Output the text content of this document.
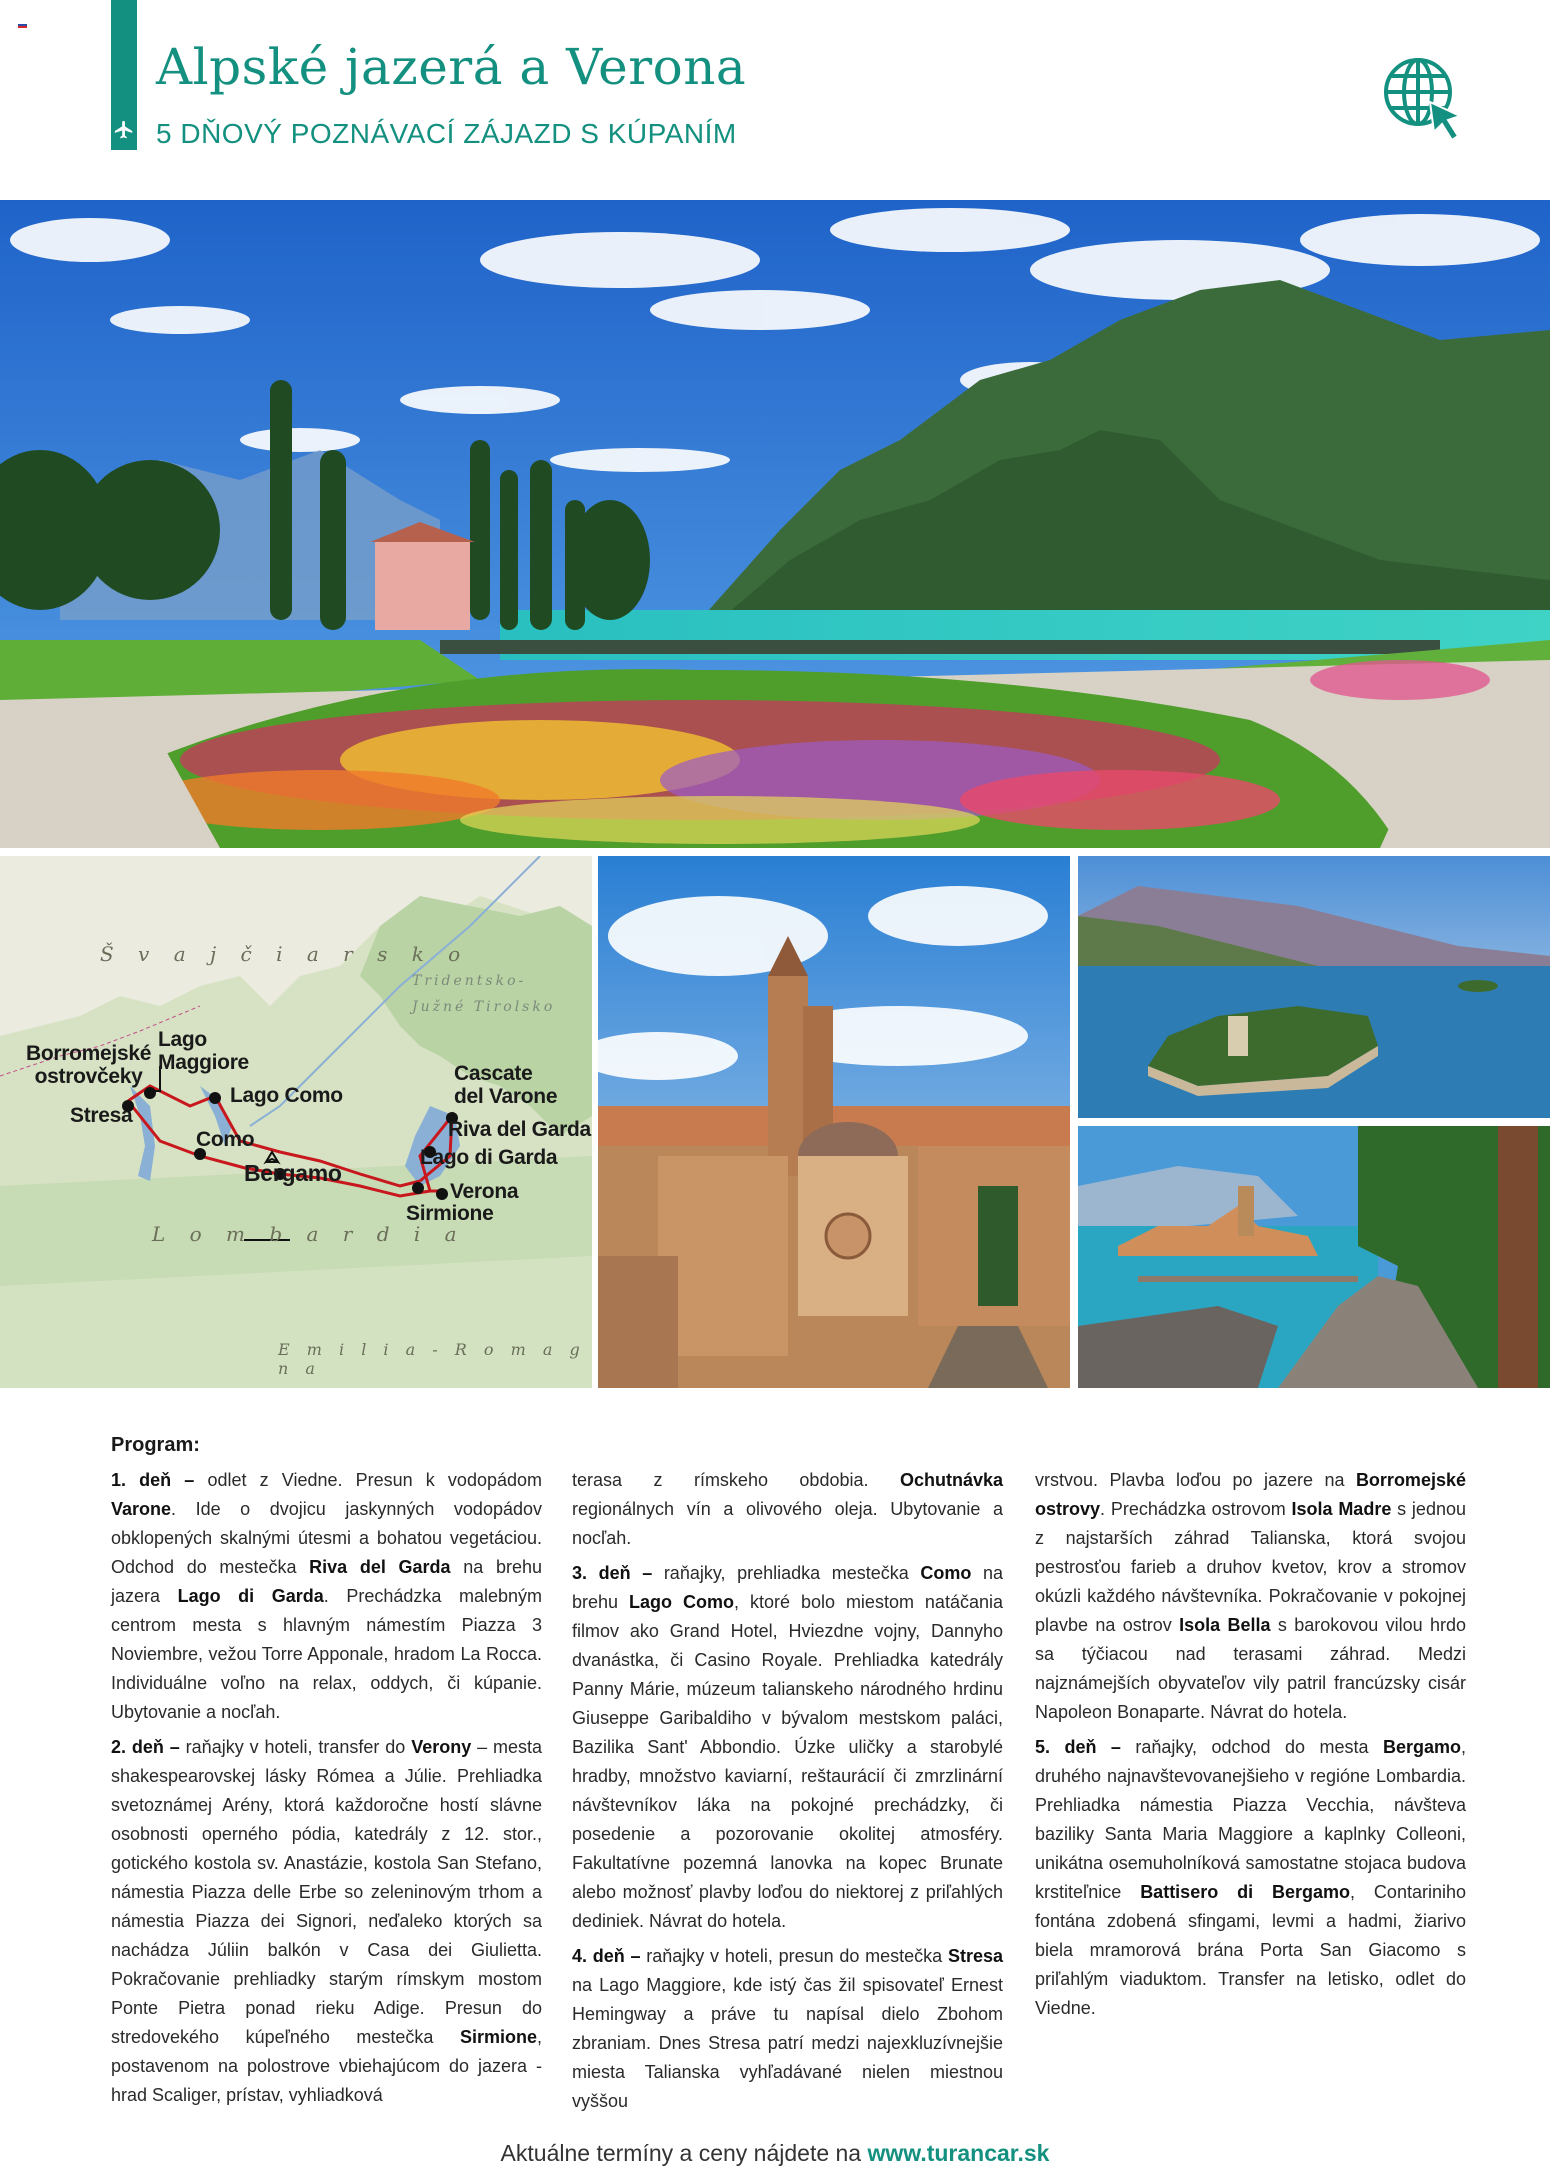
Alpské jazerá a Verona
5 DŇOVÝ POZNÁVACÍ ZÁJAZD S KÚPANÍM
Š v a j č i a r s k o
Tridentsko-
Južné Tirolsko
L o m b a r d i a
E m i l i a - R o m a g n a
Borromejské
ostrovčeky
Lago
Maggiore
Lago Como
Stresa
Como
Bergamo
Cascate
del Varone
Riva del Garda
Lago di Garda
Verona
Sirmione
Program:

1. deň – odlet z Viedne. Presun k vodopádom Varone. Ide o dvojicu jaskynných vodopádov obklopených skalnými útesmi a bohatou vegetáciou. Odchod do mestečka Riva del Garda na brehu jazera Lago di Garda. Prechádzka malebným centrom mesta s hlavným námestím Piazza 3 Noviembre, vežou Torre Apponale, hradom La Rocca. Individuálne voľno na relax, oddych, či kúpanie. Ubytovanie a nocľah.

2. deň – raňajky v hoteli, transfer do Verony – mesta shakespearovskej lásky Rómea a Júlie. Prehliadka svetoznámej Arény, ktorá každoročne hostí slávne osobnosti operného pódia, katedrály z 12. stor., gotického kostola sv. Anastázie, kostola San Stefano, námestia Piazza delle Erbe so zeleninovým trhom a námestia Piazza dei Signori, neďaleko ktorých sa nachádza Júliin balkón v Casa dei Giulietta. Pokračovanie prehliadky starým rímskym mostom Ponte Pietra ponad rieku Adige. Presun do stredovekého kúpeľného mestečka Sirmione, postavenom na polostrove vbiehajúcom do jazera - hrad Scaliger, prístav, vyhliadková

terasa z rímskeho obdobia. Ochutnávka regionálnych vín a olivového oleja. Ubytovanie a nocľah.

3. deň – raňajky, prehliadka mestečka Como na brehu Lago Como, ktoré bolo miestom natáčania filmov ako Grand Hotel, Hviezdne vojny, Dannyho dvanástka, či Casino Royale. Prehliadka katedrály Panny Márie, múzeum talianskeho národného hrdinu Giuseppe Garibaldiho v bývalom mestskom paláci, Bazilika Sant' Abbondio. Úzke uličky a starobylé hradby, množstvo kaviarní, reštaurácií či zmrzlinární návštevníkov láka na pokojné prechádzky, či posedenie a pozorovanie okolitej atmosféry. Fakultatívne pozemná lanovka na kopec Brunate alebo možnosť plavby loďou do niektorej z priľahlých dediniek. Návrat do hotela.

4. deň – raňajky v hoteli, presun do mestečka Stresa na Lago Maggiore, kde istý čas žil spisovateľ Ernest Hemingway a práve tu napísal dielo Zbohom zbraniam. Dnes Stresa patrí medzi najexkluzívnejšie miesta Talianska vyhľadávané nielen miestnou vyššou

vrstvou. Plavba loďou po jazere na Borromejské ostrovy. Prechádzka ostrovom Isola Madre s jednou z najstarších záhrad Talianska, ktorá svojou pestrosťou farieb a druhov kvetov, krov a stromov okúzli každého návštevníka. Pokračovanie v pokojnej plavbe na ostrov Isola Bella s barokovou vilou hrdo sa týčiacou nad terasami záhrad. Medzi najznámejších obyvateľov vily patril francúzsky cisár Napoleon Bonaparte. Návrat do hotela.

5. deň – raňajky, odchod do mesta Bergamo, druhého najnavštevovanejšieho v regióne Lombardia. Prehliadka námestia Piazza Vecchia, návšteva baziliky Santa Maria Maggiore a kaplnky Colleoni, unikátna osemuholníková samostatne stojaca budova krstiteľnice Battisero di Bergamo, Contariniho fontána zdobená sfingami, levmi a hadmi, žiarivo biela mramorová brána Porta San Giacomo s priľahlým viaduktom. Transfer na letisko, odlet do Viedne.

Aktuálne termíny a ceny nájdete na www.turancar.sk
